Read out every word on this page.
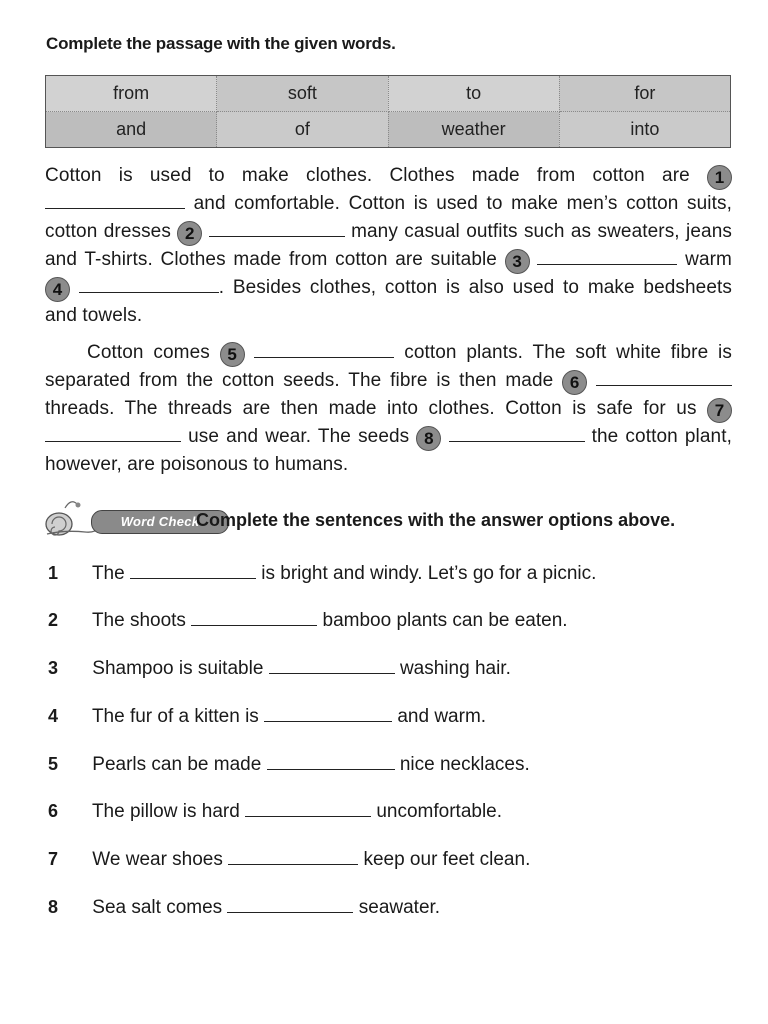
Complete the passage with the given words.
from	soft	to	for
and	of	weather	into
Cotton is used to make clothes. Clothes made from cotton are 1  and comfortable. Cotton is used to make men’s cotton suits, cotton dresses 2	many casual outfits such as sweaters, jeans and T-shirts. Clothes made from cotton are suitable 3	warm 4	. Besides clothes, cotton is also used to make bedsheets and towels.
Cotton comes 5	cotton plants. The soft white fibre is separated from the cotton seeds. The fibre is then made 6  threads. The threads are then made into clothes. Cotton is safe for us 7  use and wear. The seeds 8	the cotton plant, however, are poisonous to humans.
Word Check
Complete the sentences with the answer options above.
1 The	is bright and windy. Let’s go for a picnic.
2 The shoots	bamboo plants can be eaten.
3 Shampoo is suitable	washing hair.
4 The fur of a kitten is	and warm.
5 Pearls can be made	nice necklaces.
6 The pillow is hard	uncomfortable.
7 We wear shoes	keep our feet clean.
8 Sea salt comes	seawater.
